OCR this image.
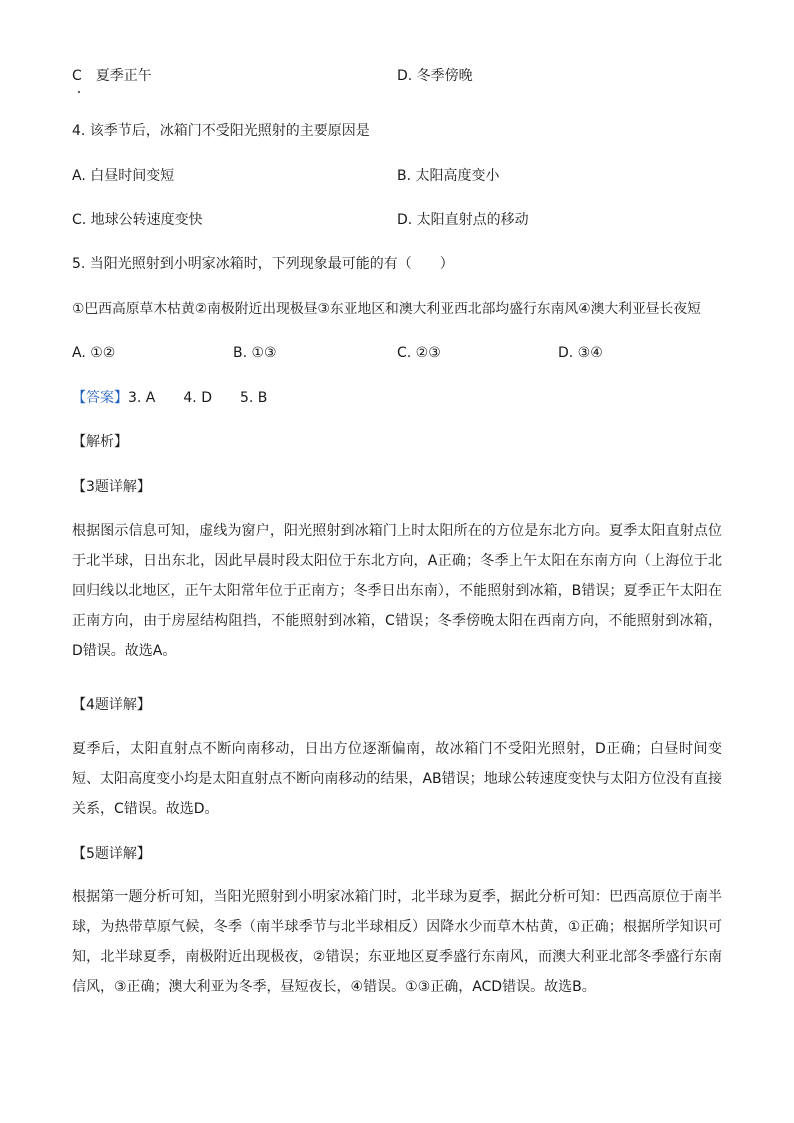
C　夏季正午	D. 冬季傍晚
4. 该季节后，冰箱门不受阳光照射的主要原因是
A. 白昼时间变短	B. 太阳高度变小
C. 地球公转速度变快	D. 太阳直射点的移动
5. 当阳光照射到小明家冰箱时，下列现象最可能的有（　　）
①巴西高原草木枯黄②南极附近出现极昼③东亚地区和澳大利亚西北部均盛行东南风④澳大利亚昼长夜短
A. ①②	B. ①③	C. ②③	D. ③④
【答案】3. A　　4. D　　5. B
【解析】
【3题详解】
根据图示信息可知，虚线为窗户，阳光照射到冰箱门上时太阳所在的方位是东北方向。夏季太阳直射点位于北半球，日出东北，因此早晨时段太阳位于东北方向，A正确；冬季上午太阳在东南方向（上海位于北回归线以北地区，正午太阳常年位于正南方；冬季日出东南），不能照射到冰箱，B错误；夏季正午太阳在正南方向，由于房屋结构阻挡，不能照射到冰箱，C错误；冬季傍晚太阳在西南方向，不能照射到冰箱，D错误。故选A。
【4题详解】
夏季后，太阳直射点不断向南移动，日出方位逐渐偏南，故冰箱门不受阳光照射，D正确；白昼时间变短、太阳高度变小均是太阳直射点不断向南移动的结果，AB错误；地球公转速度变快与太阳方位没有直接关系，C错误。故选D。
【5题详解】
根据第一题分析可知，当阳光照射到小明家冰箱门时，北半球为夏季，据此分析可知：巴西高原位于南半球，为热带草原气候，冬季（南半球季节与北半球相反）因降水少而草木枯黄，①正确；根据所学知识可知，北半球夏季，南极附近出现极夜，②错误；东亚地区夏季盛行东南风，而澳大利亚北部冬季盛行东南信风，③正确；澳大利亚为冬季，昼短夜长，④错误。①③正确，ACD错误。故选B。
